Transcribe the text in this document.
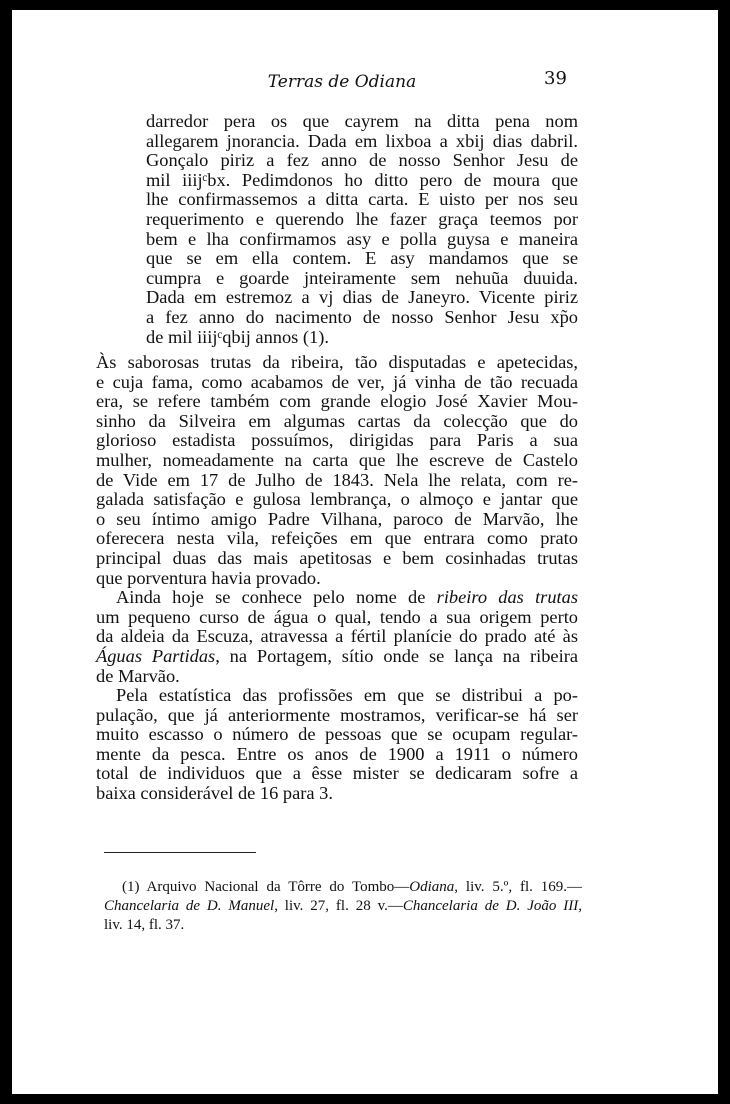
Terras de Odiana	39
darredor pera os que cayrem na ditta pena nom
allegarem jnorancia. Dada em lixboa a xbij dias dabril.
Gonçalo piriz a fez anno de nosso Senhor Jesu de
mil iiijᶜbx. Pedimdonos ho ditto pero de moura que
lhe confirmassemos a ditta carta. E uisto per nos seu
requerimento e querendo lhe fazer graça teemos por
bem e lha confirmamos asy e polla guysa e maneira
que se em ella contem. E asy mandamos que se
cumpra e goarde jnteiramente sem nehuũa duuida.
Dada em estremoz a vj dias de Janeyro. Vicente piriz
a fez anno do nacimento de nosso Senhor Jesu xp̃o
de mil iiijᶜqbij annos (1).
Às saborosas trutas da ribeira, tão disputadas e apetecidas,
e cuja fama, como acabamos de ver, já vinha de tão recuada
era, se refere também com grande elogio José Xavier Mou-
sinho da Silveira em algumas cartas da colecção que do
glorioso estadista possuímos, dirigidas para Paris a sua
mulher, nomeadamente na carta que lhe escreve de Castelo
de Vide em 17 de Julho de 1843. Nela lhe relata, com re-
galada satisfação e gulosa lembrança, o almoço e jantar que
o seu íntimo amigo Padre Vilhana, paroco de Marvão, lhe
oferecera nesta vila, refeições em que entrara como prato
principal duas das mais apetitosas e bem cosinhadas trutas
que porventura havia provado.
Ainda hoje se conhece pelo nome de ribeiro das trutas
um pequeno curso de água o qual, tendo a sua origem perto
da aldeia da Escuza, atravessa a fértil planície do prado até às
Águas Partidas, na Portagem, sítio onde se lança na ribeira
de Marvão.
Pela estatística das profissões em que se distribui a po-
pulação, que já anteriormente mostramos, verificar-se há ser
muito escasso o número de pessoas que se ocupam regular-
mente da pesca. Entre os anos de 1900 a 1911 o número
total de individuos que a êsse mister se dedicaram sofre a
baixa considerável de 16 para 3.
(1) Arquivo Nacional da Tôrre do Tombo—Odiana, liv. 5.º, fl. 169.—
Chancelaria de D. Manuel, liv. 27, fl. 28 v.—Chancelaria de D. João III,
liv. 14, fl. 37.
